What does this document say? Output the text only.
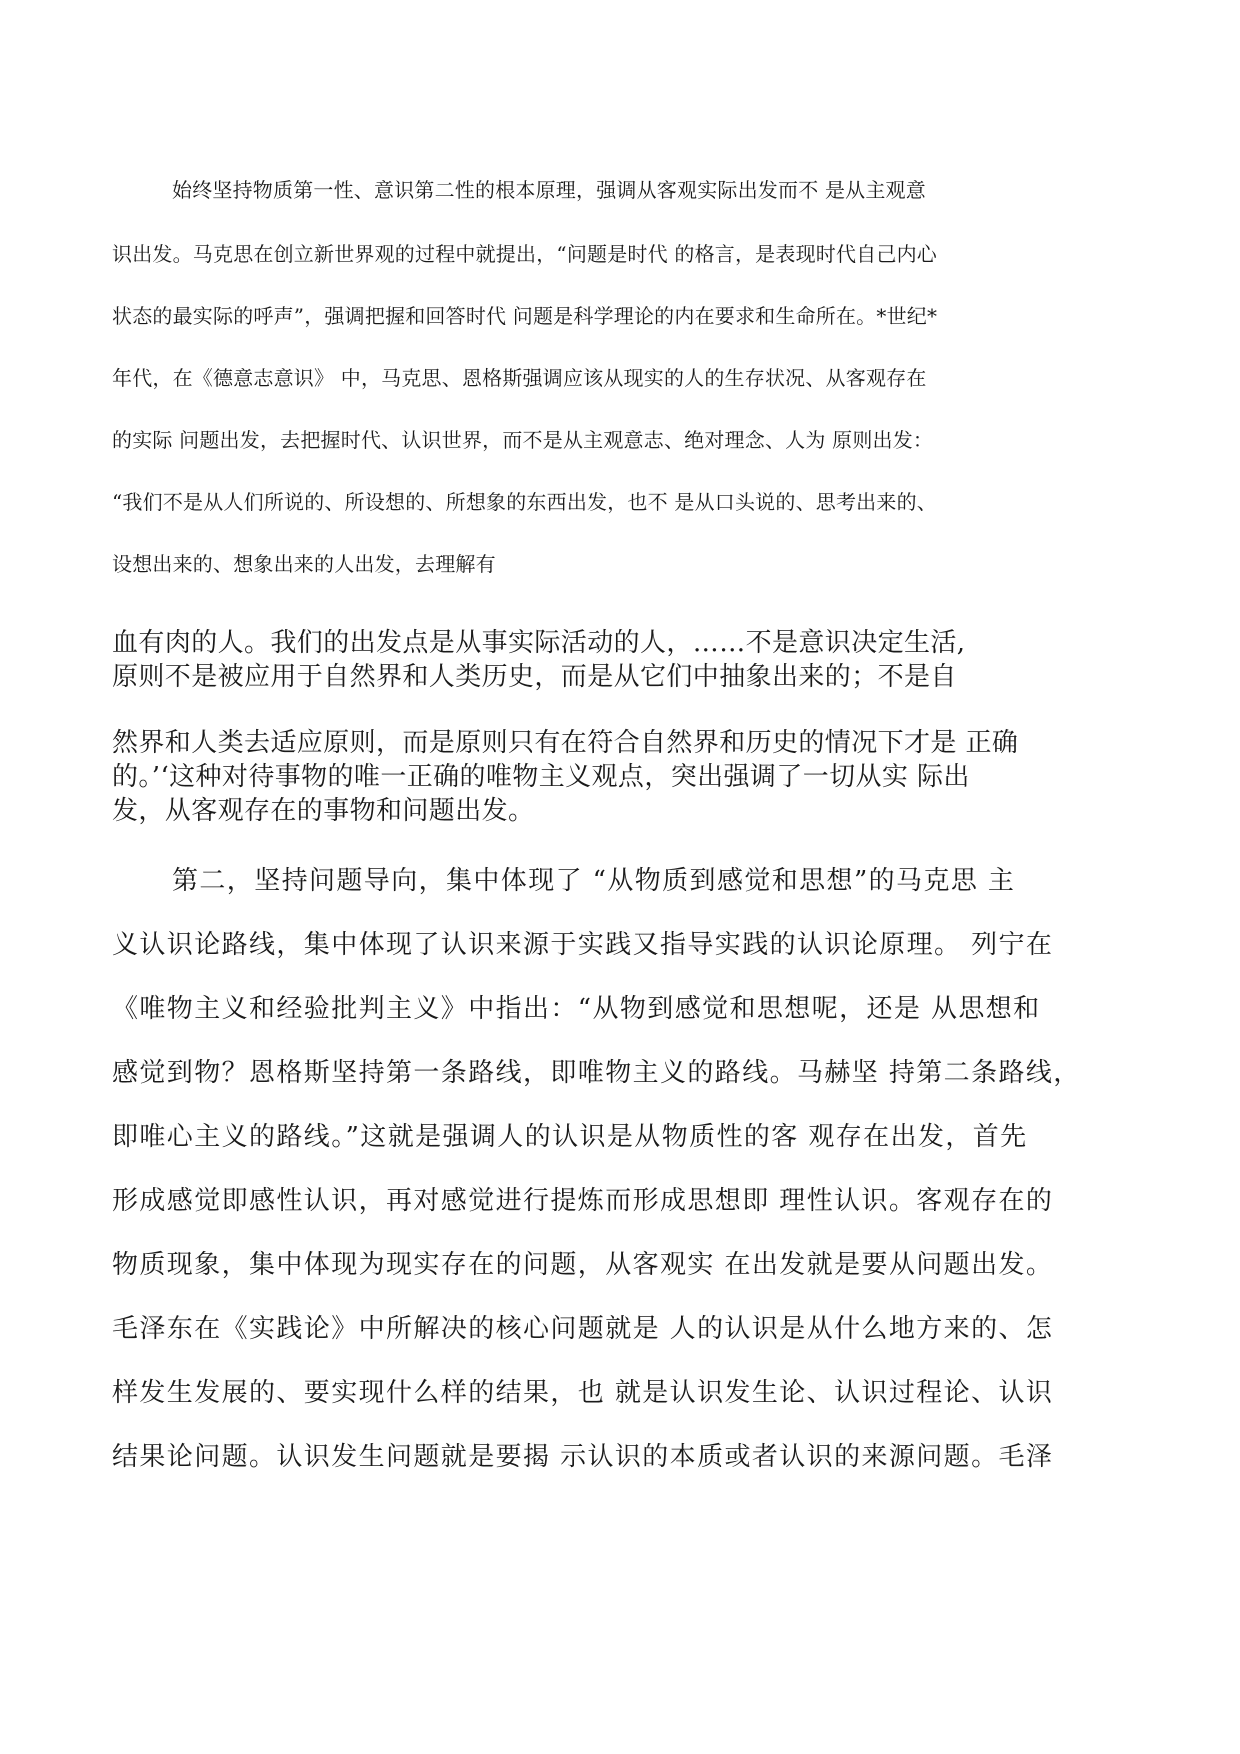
始终坚持物质第一性、意识第二性的根本原理，强调从客观实际出发而不 是从主观意

识出发。马克思在创立新世界观的过程中就提出，“问题是时代 的格言，是表现时代自己内心

状态的最实际的呼声”，强调把握和回答时代 问题是科学理论的内在要求和生命所在。*世纪*

年代，在《德意志意识》 中，马克思、恩格斯强调应该从现实的人的生存状况、从客观存在

的实际 问题出发，去把握时代、认识世界，而不是从主观意志、绝对理念、人为 原则出发：

“我们不是从人们所说的、所设想的、所想象的东西出发，也不 是从口头说的、思考出来的、

设想出来的、想象出来的人出发，去理解有

血有肉的人。我们的出发点是从事实际活动的人，……不是意识决定生活,

原则不是被应用于自然界和人类历史，而是从它们中抽象出来的；不是自

然界和人类去适应原则，而是原则只有在符合自然界和历史的情况下才是 正确

的。’‘这种对待事物的唯一正确的唯物主义观点，突出强调了一切从实 际出

发，从客观存在的事物和问题出发。

第二，坚持问题导向，集中体现了 “从物质到感觉和思想”的马克思 主

义认识论路线，集中体现了认识来源于实践又指导实践的认识论原理。 列宁在

《唯物主义和经验批判主义》中指出：“从物到感觉和思想呢，还是 从思想和

感觉到物？恩格斯坚持第一条路线，即唯物主义的路线。马赫坚 持第二条路线，

即唯心主义的路线。”这就是强调人的认识是从物质性的客 观存在出发，首先

形成感觉即感性认识，再对感觉进行提炼而形成思想即 理性认识。客观存在的

物质现象，集中体现为现实存在的问题，从客观实 在出发就是要从问题出发。

毛泽东在《实践论》中所解决的核心问题就是 人的认识是从什么地方来的、怎

样发生发展的、要实现什么样的结果，也 就是认识发生论、认识过程论、认识

结果论问题。认识发生问题就是要揭 示认识的本质或者认识的来源问题。毛泽
